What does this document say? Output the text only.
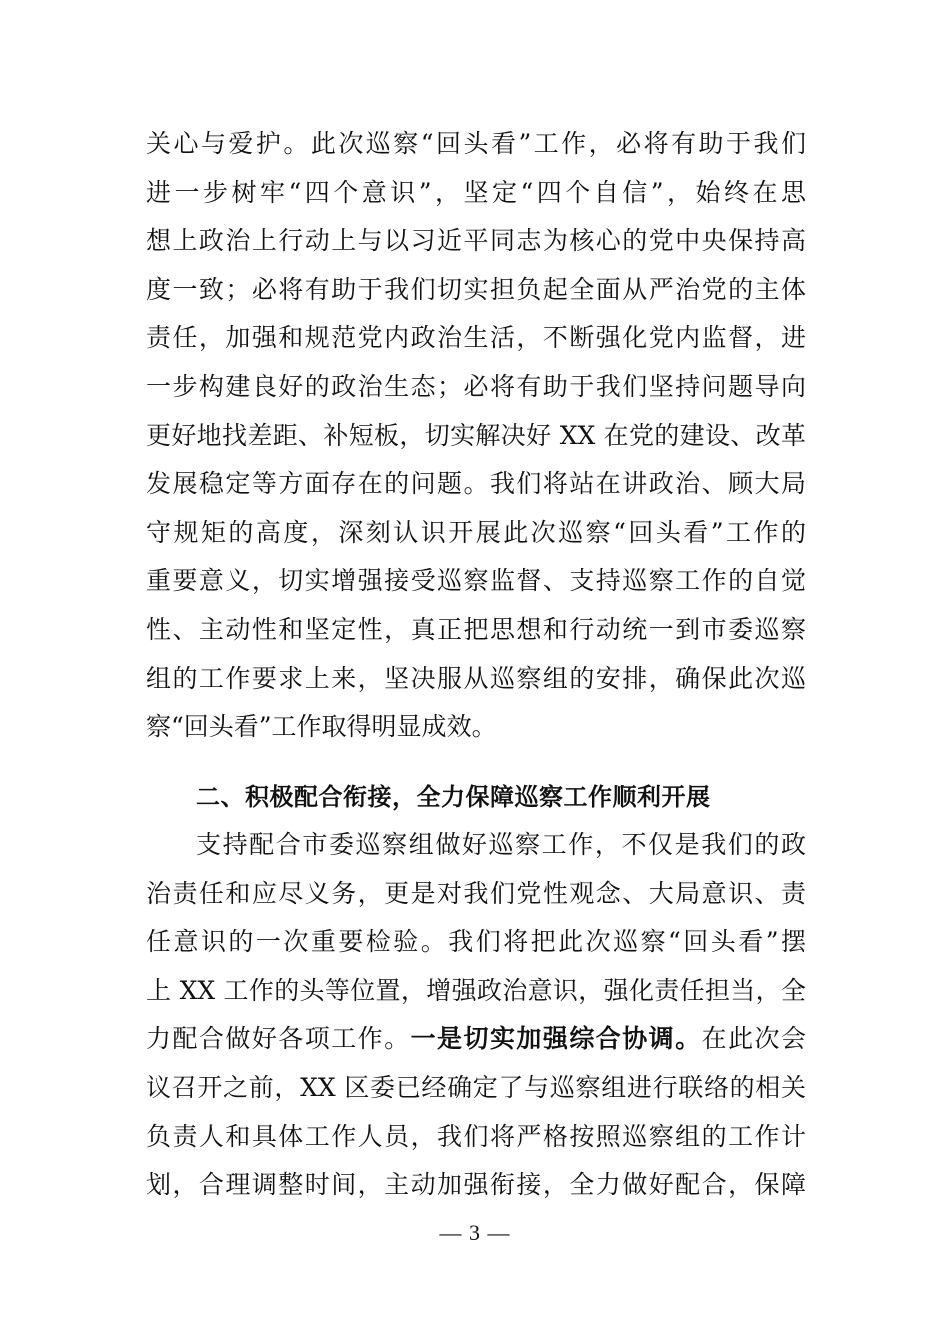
关心与爱护。此次巡察“回头看”工作，必将有助于我们
进一步树牢“四个意识”，坚定“四个自信”，始终在思
想上政治上行动上与以习近平同志为核心的党中央保持高
度一致；必将有助于我们切实担负起全面从严治党的主体
责任，加强和规范党内政治生活，不断强化党内监督，进
一步构建良好的政治生态；必将有助于我们坚持问题导向
更好地找差距、补短板，切实解决好 XX 在党的建设、改革
发展稳定等方面存在的问题。我们将站在讲政治、顾大局
守规矩的高度，深刻认识开展此次巡察“回头看”工作的
重要意义，切实增强接受巡察监督、支持巡察工作的自觉
性、主动性和坚定性，真正把思想和行动统一到市委巡察
组的工作要求上来，坚决服从巡察组的安排，确保此次巡
察“回头看”工作取得明显成效。
二、积极配合衔接，全力保障巡察工作顺利开展
支持配合市委巡察组做好巡察工作，不仅是我们的政
治责任和应尽义务，更是对我们党性观念、大局意识、责
任意识的一次重要检验。我们将把此次巡察“回头看”摆
上 XX 工作的头等位置，增强政治意识，强化责任担当，全
力配合做好各项工作。一是切实加强综合协调。在此次会
议召开之前，XX 区委已经确定了与巡察组进行联络的相关
负责人和具体工作人员，我们将严格按照巡察组的工作计
划，合理调整时间，主动加强衔接，全力做好配合，保障
— 3 —
